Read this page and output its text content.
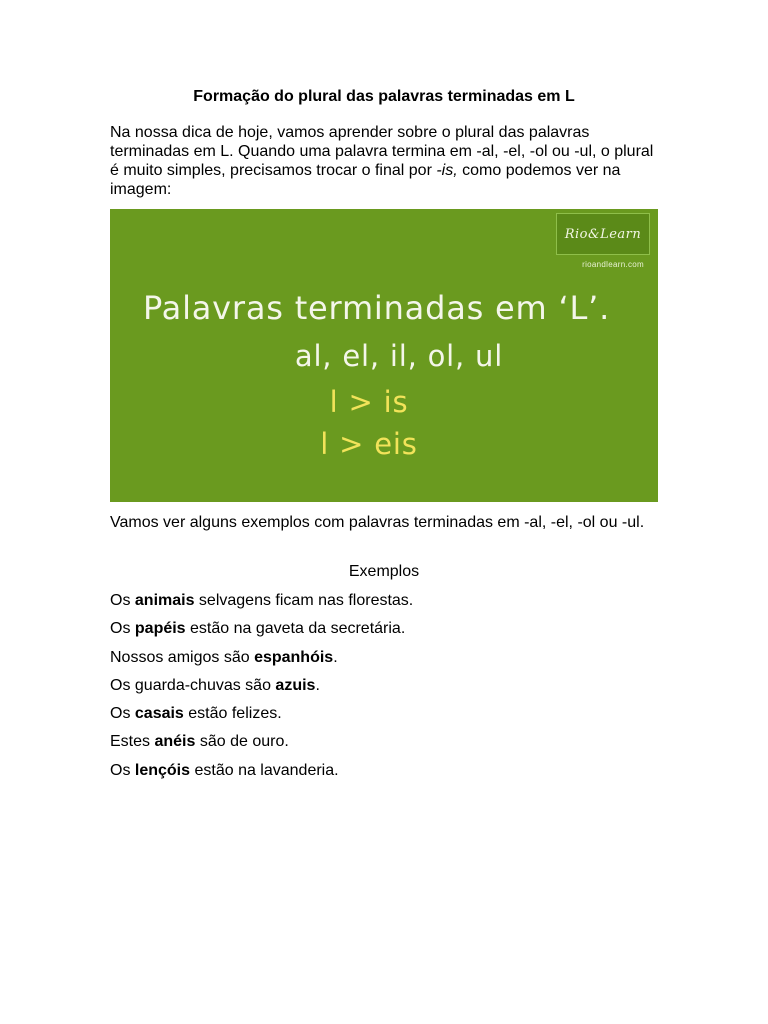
Formação do plural das palavras terminadas em L

Na nossa dica de hoje, vamos aprender sobre o plural das palavras terminadas em L. Quando uma palavra termina em -al, -el, -ol ou -ul, o plural é muito simples, precisamos trocar o final por -is, como podemos ver na imagem:

Rio&Learn
rioandlearn.com
Palavras terminadas em ‘L’.
al, el, il, ol, ul
l > is
l > eis

Vamos ver alguns exemplos com palavras terminadas em -al, -el, -ol ou -ul.

Exemplos

Os animais selvagens ficam nas florestas.
Os papéis estão na gaveta da secretária.
Nossos amigos são espanhóis.
Os guarda-chuvas são azuis.
Os casais estão felizes.
Estes anéis são de ouro.
Os lençóis estão na lavanderia.
